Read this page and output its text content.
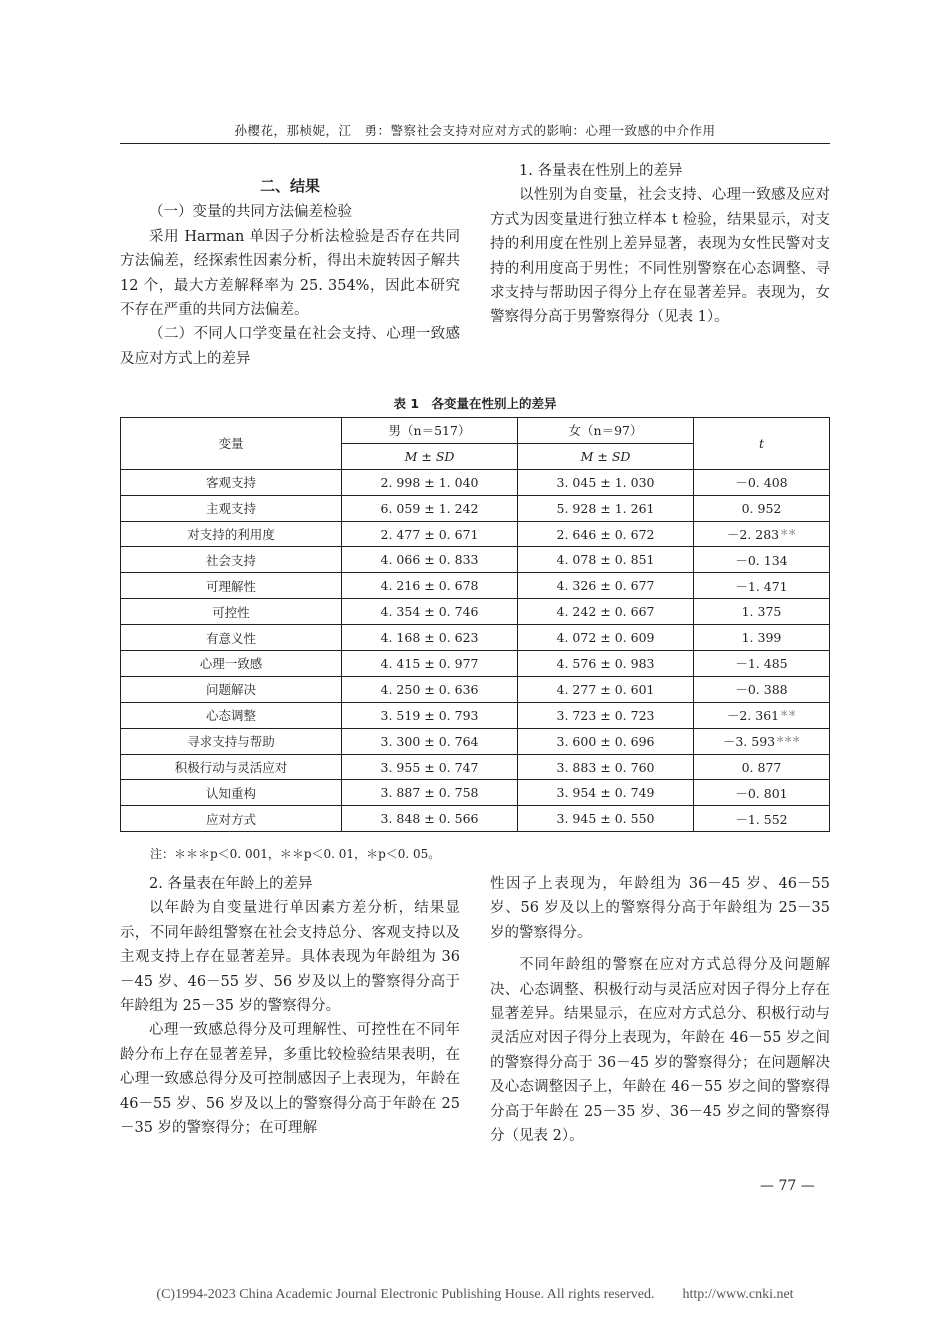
孙樱花，那桢妮，江　勇：警察社会支持对应对方式的影响：心理一致感的中介作用

二、结果

（一）变量的共同方法偏差检验

采用 Harman 单因子分析法检验是否存在共同方法偏差，经探索性因素分析，得出未旋转因子解共 12 个，最大方差解释率为 25. 354%，因此本研究不存在严重的共同方法偏差。

（二）不同人口学变量在社会支持、心理一致感及应对方式上的差异

1. 各量表在性别上的差异

以性别为自变量，社会支持、心理一致感及应对方式为因变量进行独立样本 t 检验，结果显示，对支持的利用度在性别上差异显著，表现为女性民警对支持的利用度高于男性；不同性别警察在心态调整、寻求支持与帮助因子得分上存在显著差异。表现为，女警察得分高于男警察得分（见表 1）。

表 1　各变量在性别上的差异
变量	男（n＝517）	女（n＝97）	t
	M ± SD	M ± SD	
客观支持	2. 998 ± 1. 040	3. 045 ± 1. 030	－0. 408
主观支持	6. 059 ± 1. 242	5. 928 ± 1. 261	0. 952
对支持的利用度	2. 477 ± 0. 671	2. 646 ± 0. 672	－2. 283＊＊
社会支持	4. 066 ± 0. 833	4. 078 ± 0. 851	－0. 134
可理解性	4. 216 ± 0. 678	4. 326 ± 0. 677	－1. 471
可控性	4. 354 ± 0. 746	4. 242 ± 0. 667	1. 375
有意义性	4. 168 ± 0. 623	4. 072 ± 0. 609	1. 399
心理一致感	4. 415 ± 0. 977	4. 576 ± 0. 983	－1. 485
问题解决	4. 250 ± 0. 636	4. 277 ± 0. 601	－0. 388
心态调整	3. 519 ± 0. 793	3. 723 ± 0. 723	－2. 361＊＊
寻求支持与帮助	3. 300 ± 0. 764	3. 600 ± 0. 696	－3. 593＊＊＊
积极行动与灵活应对	3. 955 ± 0. 747	3. 883 ± 0. 760	0. 877
认知重构	3. 887 ± 0. 758	3. 954 ± 0. 749	－0. 801
应对方式	3. 848 ± 0. 566	3. 945 ± 0. 550	－1. 552
注：＊＊＊p＜0. 001，＊＊p＜0. 01，＊p＜0. 05。

2. 各量表在年龄上的差异

以年龄为自变量进行单因素方差分析，结果显示，不同年龄组警察在社会支持总分、客观支持以及主观支持上存在显著差异。具体表现为年龄组为 36－45 岁、46－55 岁、56 岁及以上的警察得分高于年龄组为 25－35 岁的警察得分。

心理一致感总得分及可理解性、可控性在不同年龄分布上存在显著差异，多重比较检验结果表明，在心理一致感总得分及可控制感因子上表现为，年龄在 46－55 岁、56 岁及以上的警察得分高于年龄在 25－35 岁的警察得分；在可理解

性因子上表现为，年龄组为 36－45 岁、46－55 岁、56 岁及以上的警察得分高于年龄组为 25－35 岁的警察得分。

不同年龄组的警察在应对方式总得分及问题解决、心态调整、积极行动与灵活应对因子得分上存在显著差异。结果显示，在应对方式总分、积极行动与灵活应对因子得分上表现为，年龄在 46－55 岁之间的警察得分高于 36－45 岁的警察得分；在问题解决及心态调整因子上，年龄在 46－55 岁之间的警察得分高于年龄在 25－35 岁、36－45 岁之间的警察得分（见表 2）。

— 77 —
(C)1994-2023 China Academic Journal Electronic Publishing House. All rights reserved.　　http://www.cnki.net
